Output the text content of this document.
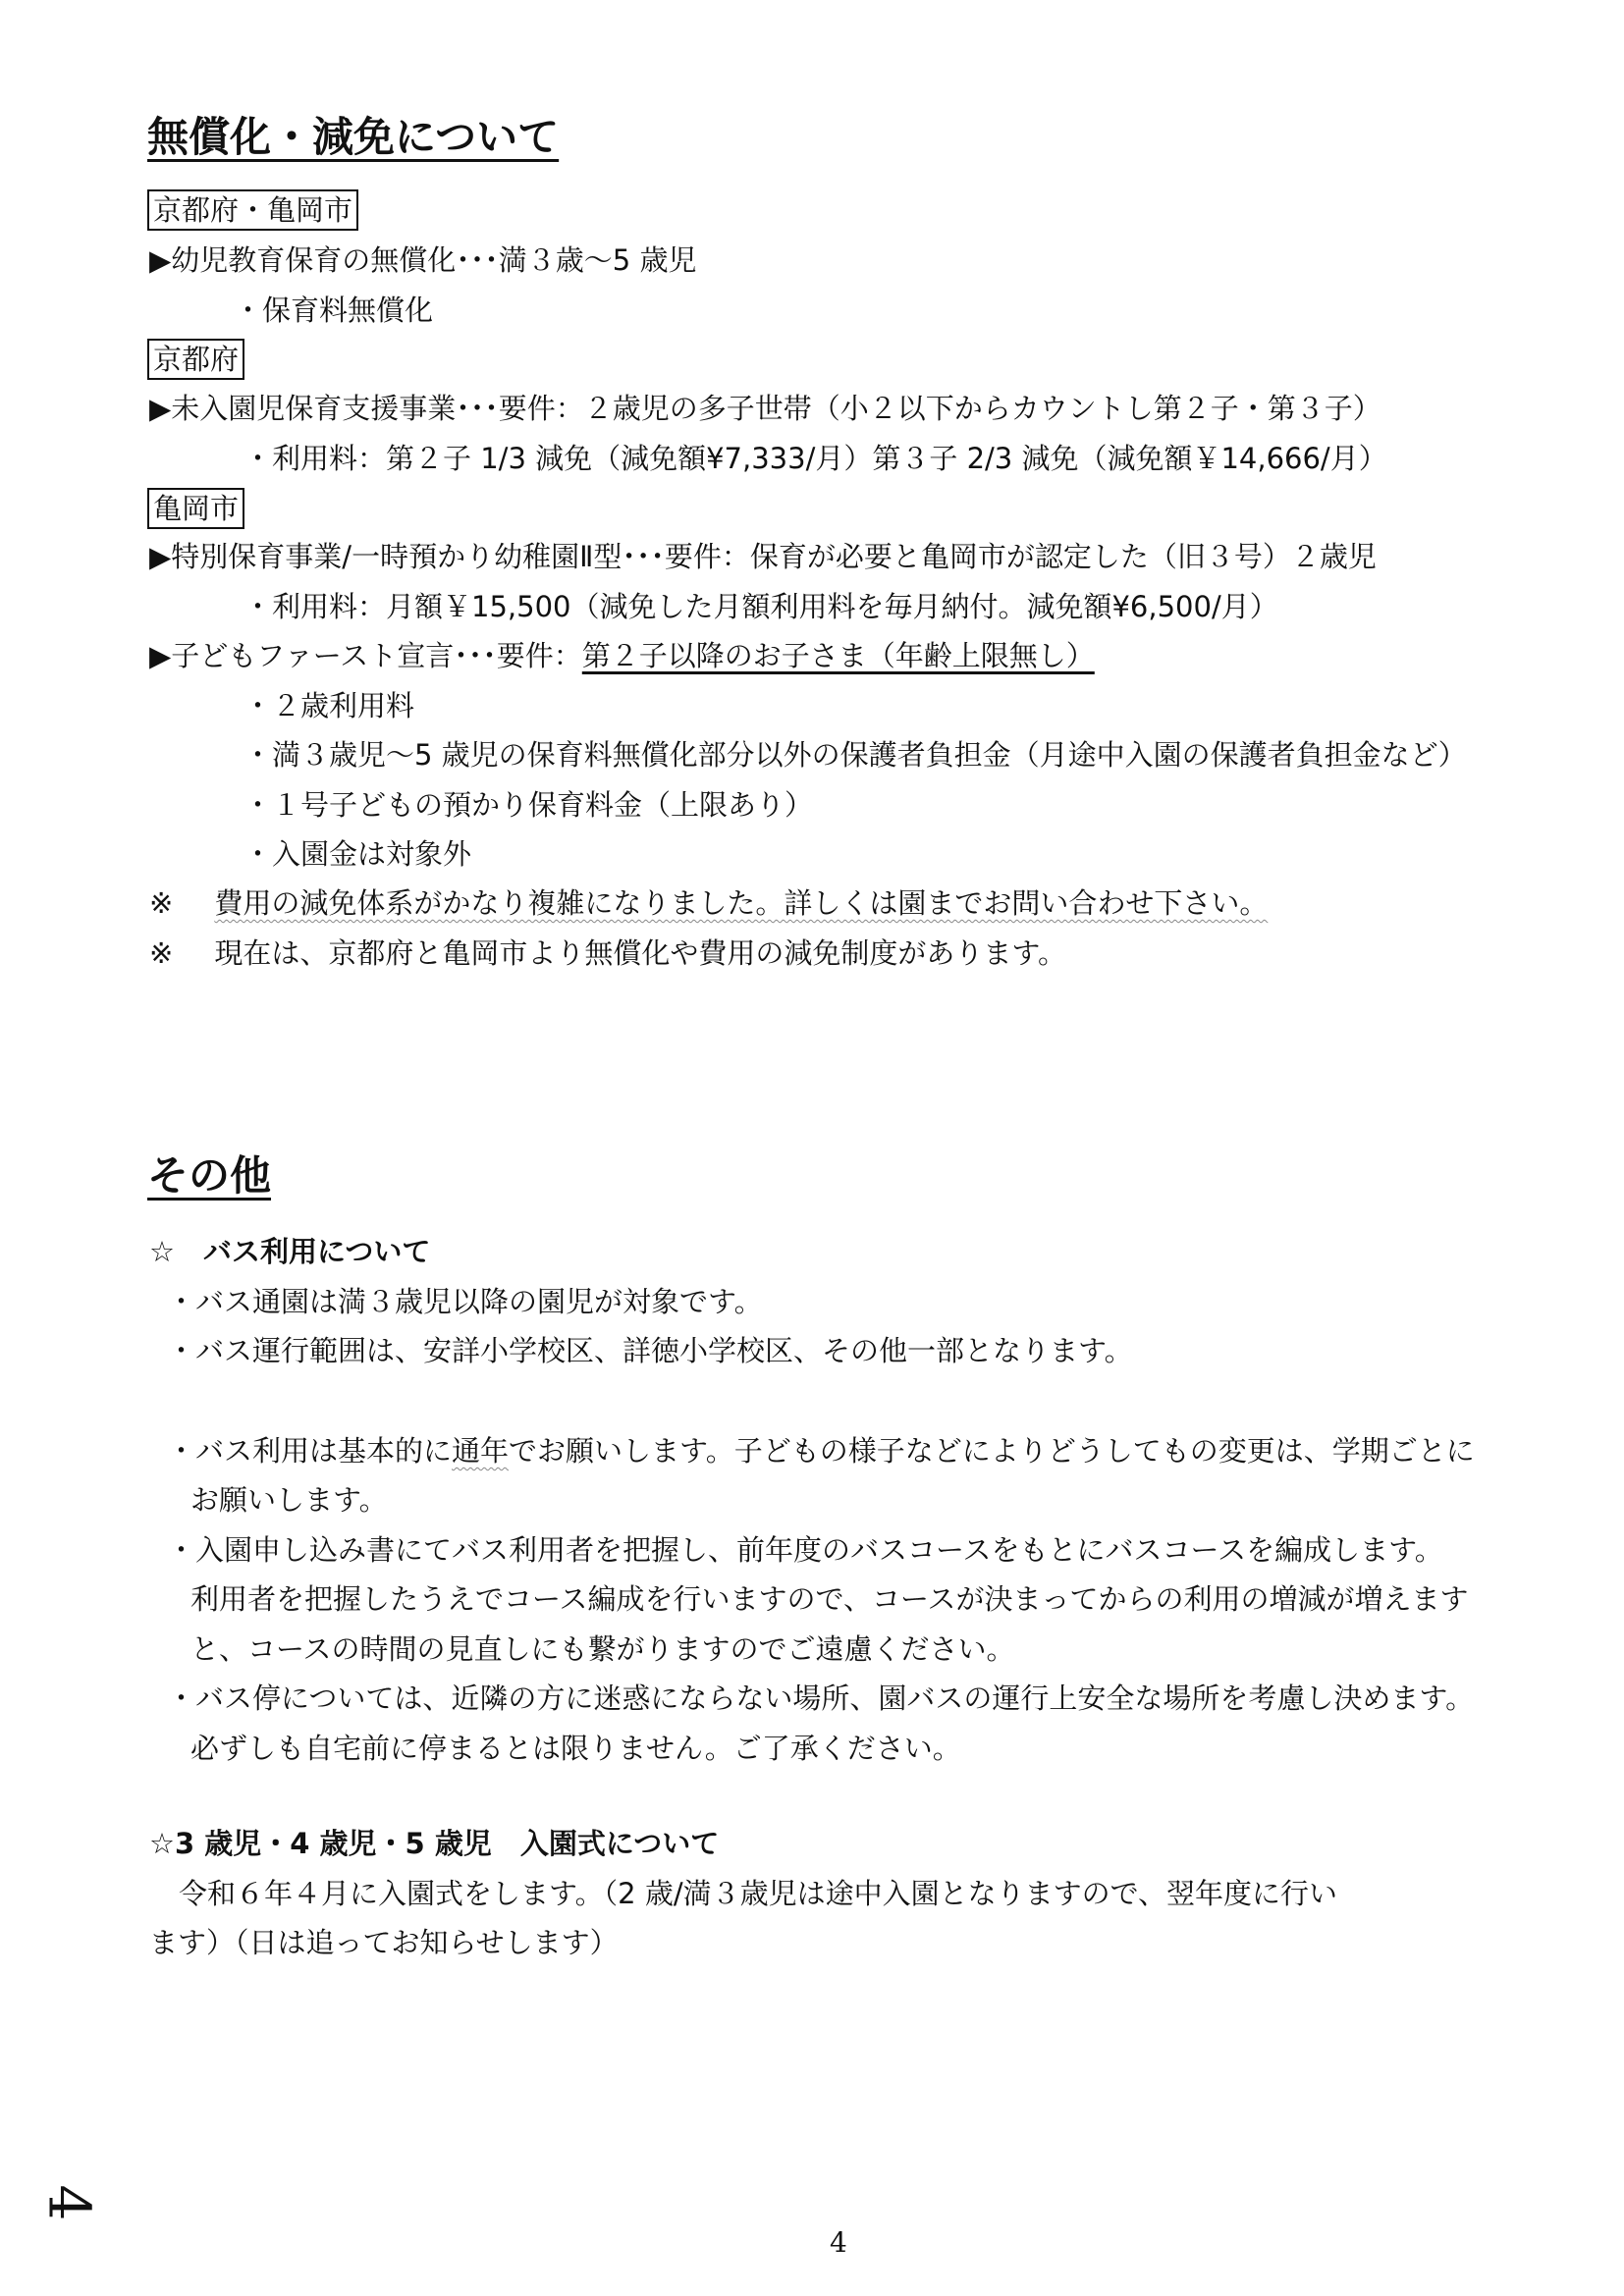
無償化・減免について
京都府・亀岡市
▶幼児教育保育の無償化･･･満３歳～5 歳児
・保育料無償化
京都府
▶未入園児保育支援事業･･･要件：２歳児の多子世帯（小２以下からカウントし第２子・第３子）
・利用料：第２子 1/3 減免（減免額¥7,333/月）第３子 2/3 減免（減免額￥14,666/月）
亀岡市
▶特別保育事業/一時預かり幼稚園Ⅱ型･･･要件：保育が必要と亀岡市が認定した（旧３号）２歳児
・利用料：月額￥15,500（減免した月額利用料を毎月納付。減免額¥6,500/月）
▶子どもファースト宣言･･･要件：第２子以降のお子さま（年齢上限無し）
・２歳利用料
・満３歳児～5 歳児の保育料無償化部分以外の保護者負担金（月途中入園の保護者負担金など）
・１号子どもの預かり保育料金（上限あり）
・入園金は対象外
※ 費用の減免体系がかなり複雑になりました。詳しくは園までお問い合わせ下さい。
※ 現在は、京都府と亀岡市より無償化や費用の減免制度があります。
その他
☆　バス利用について
・バス通園は満３歳児以降の園児が対象です。
・バス運行範囲は、安詳小学校区、詳徳小学校区、その他一部となります。
・バス利用は基本的に通年でお願いします。子どもの様子などによりどうしてもの変更は、学期ごとに
お願いします。
・入園申し込み書にてバス利用者を把握し、前年度のバスコースをもとにバスコースを編成します。
利用者を把握したうえでコース編成を行いますので、コースが決まってからの利用の増減が増えます
と、コースの時間の見直しにも繋がりますのでご遠慮ください。
・バス停については、近隣の方に迷惑にならない場所、園バスの運行上安全な場所を考慮し決めます。
必ずしも自宅前に停まるとは限りません。ご了承ください。
☆3 歳児・4 歳児・5 歳児　入園式について
令和６年４月に入園式をします。（2 歳/満３歳児は途中入園となりますので、翌年度に行い
ます）（日は追ってお知らせします）
4
4
